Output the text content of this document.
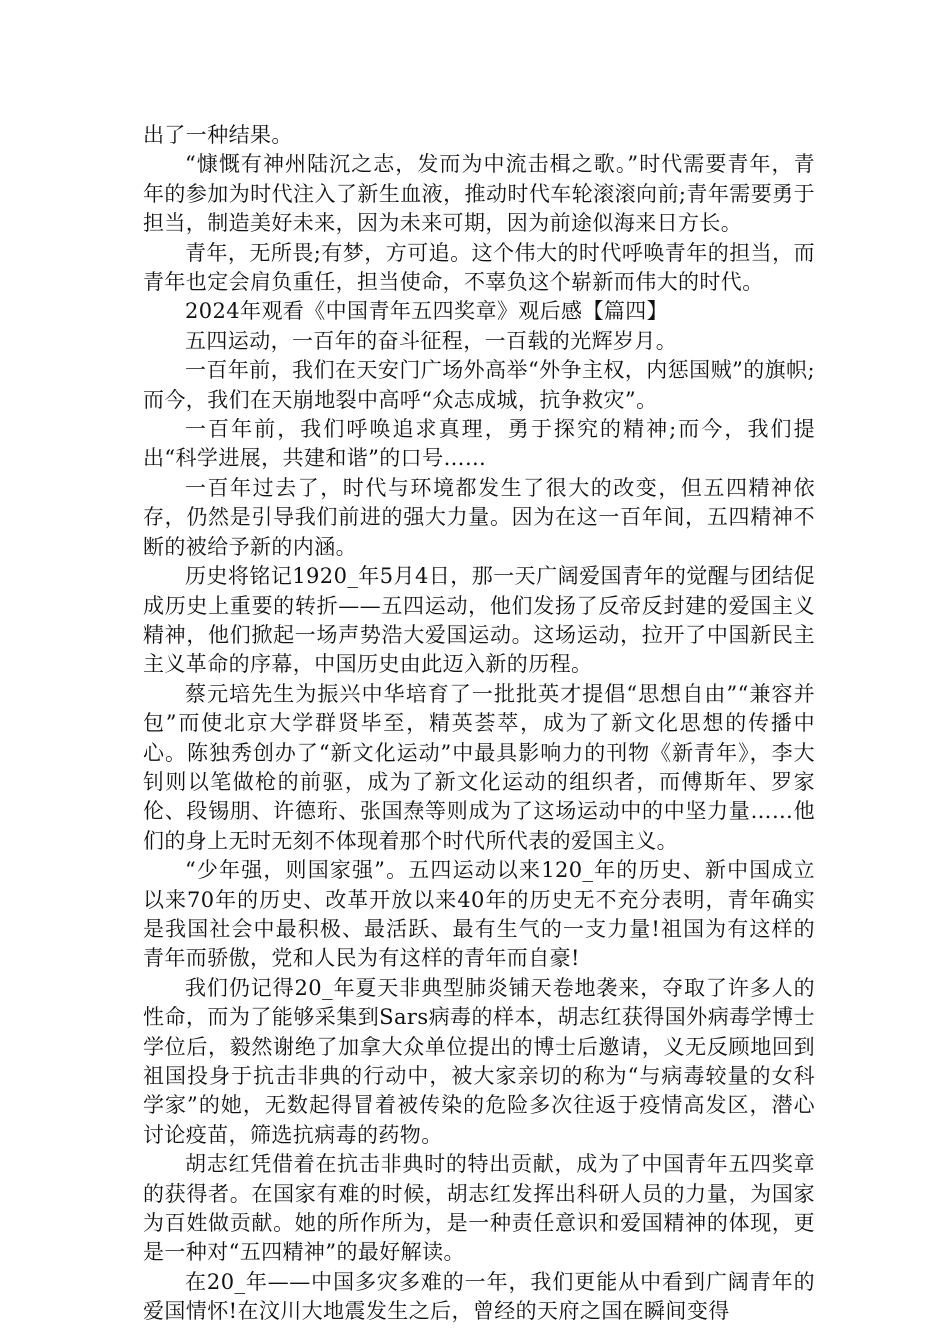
出了一种结果。

“慷慨有神州陆沉之志，发而为中流击楫之歌。”时代需要青年，青年的参加为时代注入了新生血液，推动时代车轮滚滚向前;青年需要勇于担当，制造美好未来，因为未来可期，因为前途似海来日方长。

青年，无所畏;有梦，方可追。这个伟大的时代呼唤青年的担当，而青年也定会肩负重任，担当使命，不辜负这个崭新而伟大的时代。

2024年观看《中国青年五四奖章》观后感【篇四】

五四运动，一百年的奋斗征程，一百载的光辉岁月。

一百年前，我们在天安门广场外高举“外争主权，内惩国贼”的旗帜;而今，我们在天崩地裂中高呼“众志成城，抗争救灾”。

一百年前，我们呼唤追求真理，勇于探究的精神;而今，我们提出“科学进展，共建和谐”的口号……

一百年过去了，时代与环境都发生了很大的改变，但五四精神依存，仍然是引导我们前进的强大力量。因为在这一百年间，五四精神不断的被给予新的内涵。

历史将铭记1920_年5月4日，那一天广阔爱国青年的觉醒与团结促成历史上重要的转折——五四运动，他们发扬了反帝反封建的爱国主义精神，他们掀起一场声势浩大爱国运动。这场运动，拉开了中国新民主主义革命的序幕，中国历史由此迈入新的历程。

蔡元培先生为振兴中华培育了一批批英才提倡“思想自由”“兼容并包”而使北京大学群贤毕至，精英荟萃，成为了新文化思想的传播中心。陈独秀创办了“新文化运动”中最具影响力的刊物《新青年》，李大钊则以笔做枪的前驱，成为了新文化运动的组织者，而傅斯年、罗家伦、段锡朋、许德珩、张国焘等则成为了这场运动中的中坚力量……他们的身上无时无刻不体现着那个时代所代表的爱国主义。

“少年强，则国家强”。五四运动以来120_年的历史、新中国成立以来70年的历史、改革开放以来40年的历史无不充分表明，青年确实是我国社会中最积极、最活跃、最有生气的一支力量!祖国为有这样的青年而骄傲，党和人民为有这样的青年而自豪!

我们仍记得20_年夏天非典型肺炎铺天卷地袭来，夺取了许多人的性命，而为了能够采集到Sars病毒的样本，胡志红获得国外病毒学博士学位后，毅然谢绝了加拿大众单位提出的博士后邀请，义无反顾地回到祖国投身于抗击非典的行动中，被大家亲切的称为“与病毒较量的女科学家”的她，无数起得冒着被传染的危险多次往返于疫情高发区，潜心讨论疫苗，筛选抗病毒的药物。

胡志红凭借着在抗击非典时的特出贡献，成为了中国青年五四奖章的获得者。在国家有难的时候，胡志红发挥出科研人员的力量，为国家为百姓做贡献。她的所作所为，是一种责任意识和爱国精神的体现，更是一种对“五四精神”的最好解读。

在20_年——中国多灾多难的一年，我们更能从中看到广阔青年的爱国情怀!在汶川大地震发生之后，曾经的天府之国在瞬间变得
